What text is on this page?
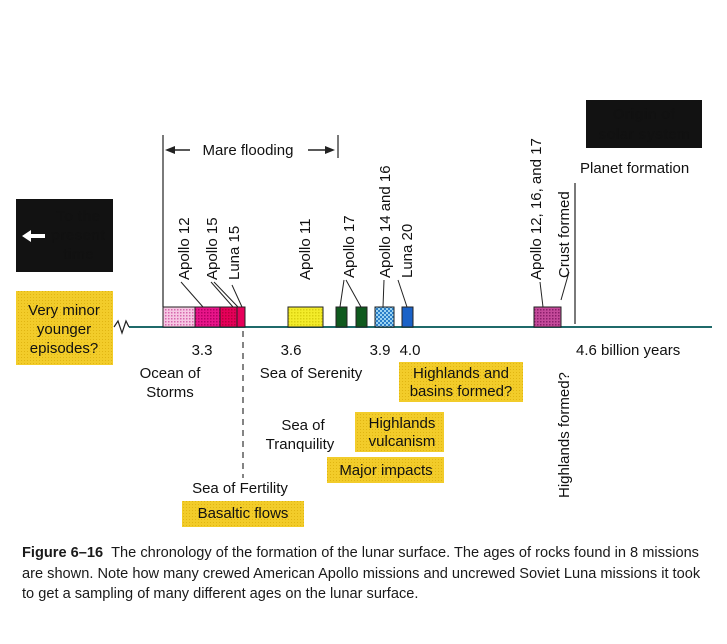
To the
present
time
Origin of
solar system
Very minor
younger
episodes?
Mare flooding
Planet formation
Apollo 12 Apollo 15 Luna 15	Apollo 11 Apollo 17 Apollo 14 and 16 Luna 20	Apollo 12, 16, and 17 Crust formed
3.3	3.6	3.9 4.0	4.6 billion years
Highlands formed?
Ocean of
Storms
Sea of Serenity
Sea of
Tranquility
Sea of Fertility
Highlands and
basins formed?
Highlands
vulcanism
Major impacts
Basaltic flows
Figure 6–16 The chronology of the formation of the lunar surface. The ages of rocks found in 8 missions are shown. Note how many crewed American Apollo missions and uncrewed Soviet Luna missions it took to get a sampling of many different ages on the lunar surface.
